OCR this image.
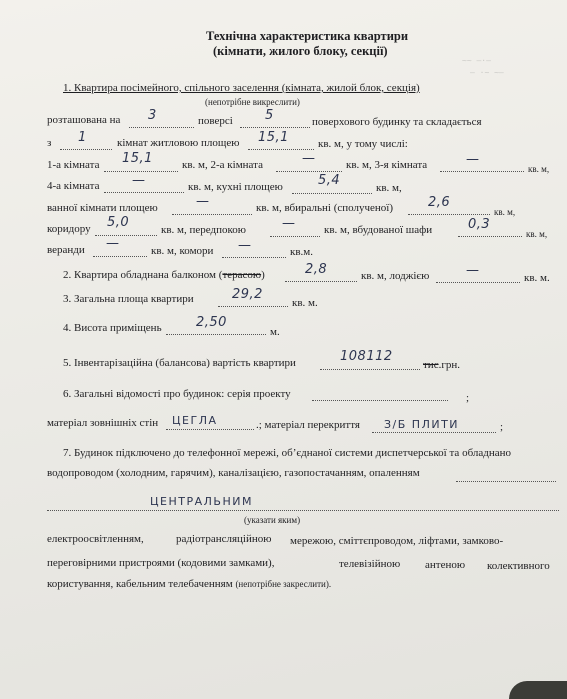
~~ —·—
— ·~ ~—
Технічна характеристика квартири
(кімнати, жилого блоку, секції)
1. Квартира посімейного, спільного заселення (кімната, жилой блок, секція)
(непотрібне викреслити)
розташована на 3	поверсі 5	поверхового будинку та складається
з 1	кімнат житловою площею 15,1	кв. м, у тому числі:
1-а кімната 15,1	кв. м, 2-а кімната	—	кв. м, 3-я кімната	—
кв. м,
4-а кімната	—	кв. м, кухні площею	5,4	кв. м,
ванної кімнати площею	—	кв. м, вбиральні (сполученої)	2,6
кв. м,
коридору 5,0	кв. м, передпокою	—	кв. м, вбудованої шафи	0,3
кв. м,
веранди —	кв. м, комори —	кв.м.
2. Квартира обладнана балконом (терасою)	2,8	кв. м, лоджією	—	кв. м.
3. Загальна площа квартири	29,2
кв. м.
4. Висота приміщень	2,50
м.
5. Інвентарізаційна (балансова) вартість квартири	108112
тис.грн.
6. Загальні відомості про будинок: серія проекту	;
матеріал зовнішніх стін ЦЕГЛА	.; матеріал перекриття З/Б ПЛИТИ	;
7. Будинок підключено до телефонної мережі, об’єднаної системи диспетчерської та обладнано
водопроводом (холодним, гарячим), каналізацією, газопостачанням, опаленням
ЦЕНТРАЛЬНИМ
(указати яким)
електроосвітленням,	радіотрансляційною мережою, сміттєпроводом, ліфтами, замково-
переговірними пристроями (кодовими замками),	телевізійною антеною колективного
користування, кабельним телебаченням (непотрібне закреслити).
